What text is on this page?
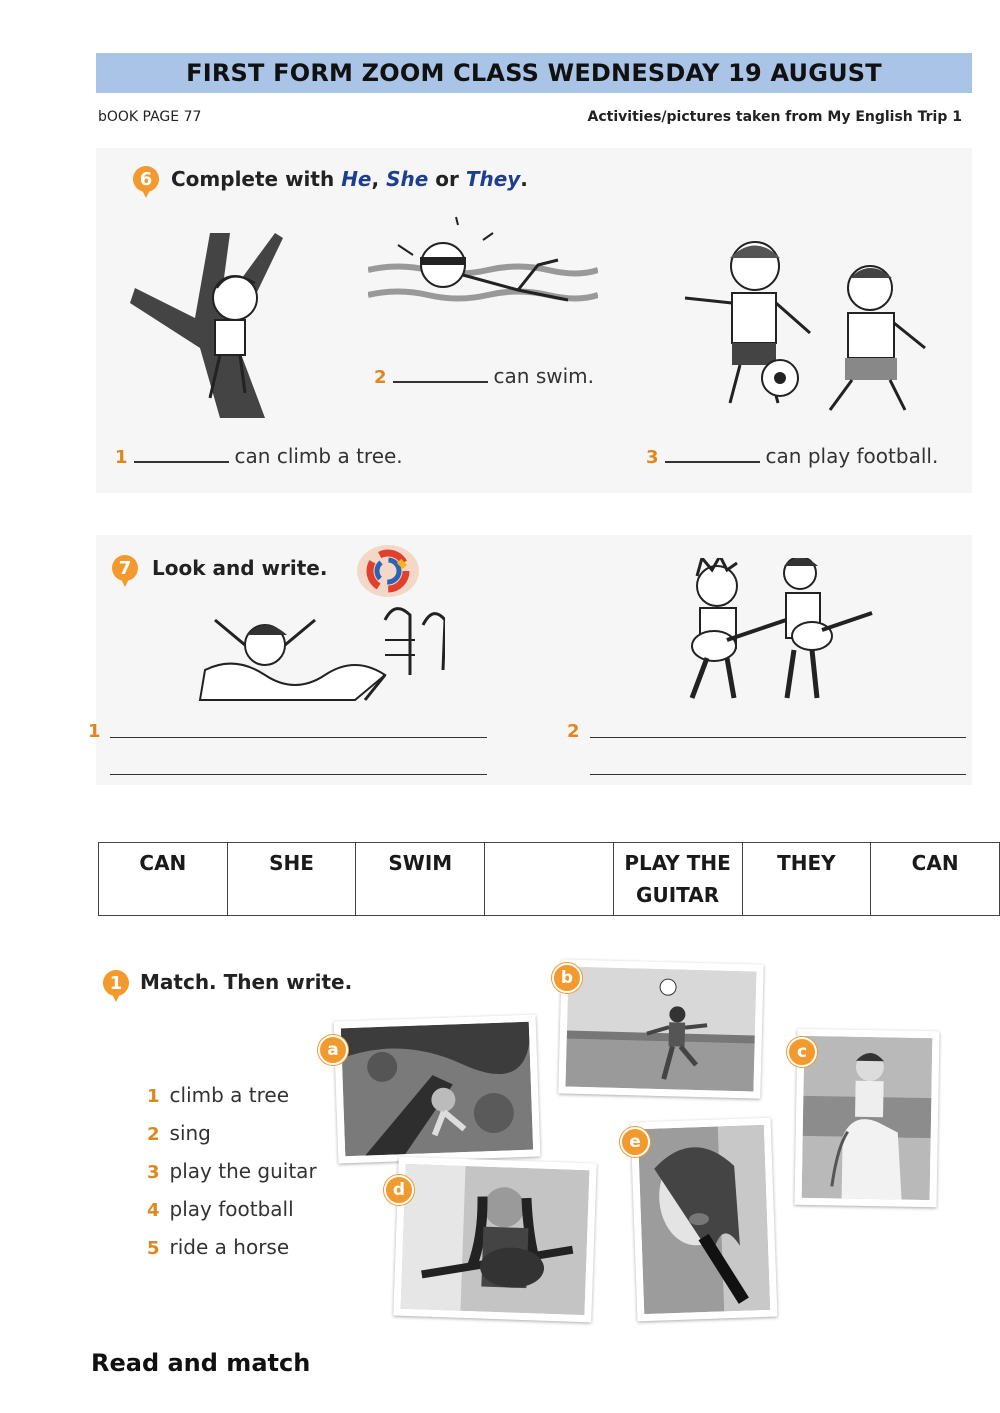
FIRST FORM ZOOM CLASS WEDNESDAY 19 AUGUST
bOOK PAGE 77	Activities/pictures taken from My English Trip 1
6 Complete with He, She or They.
2	can swim.
1	can climb a tree.	3	can play football.
7 Look and write.
1	2
CAN	SHE	SWIM		PLAY THE GUITAR	THEY	CAN
1 Match. Then write.
1 climb a tree
2 sing
3 play the guitar
4 play football
5 ride a horse
a
b
c
d
e
Read and match
